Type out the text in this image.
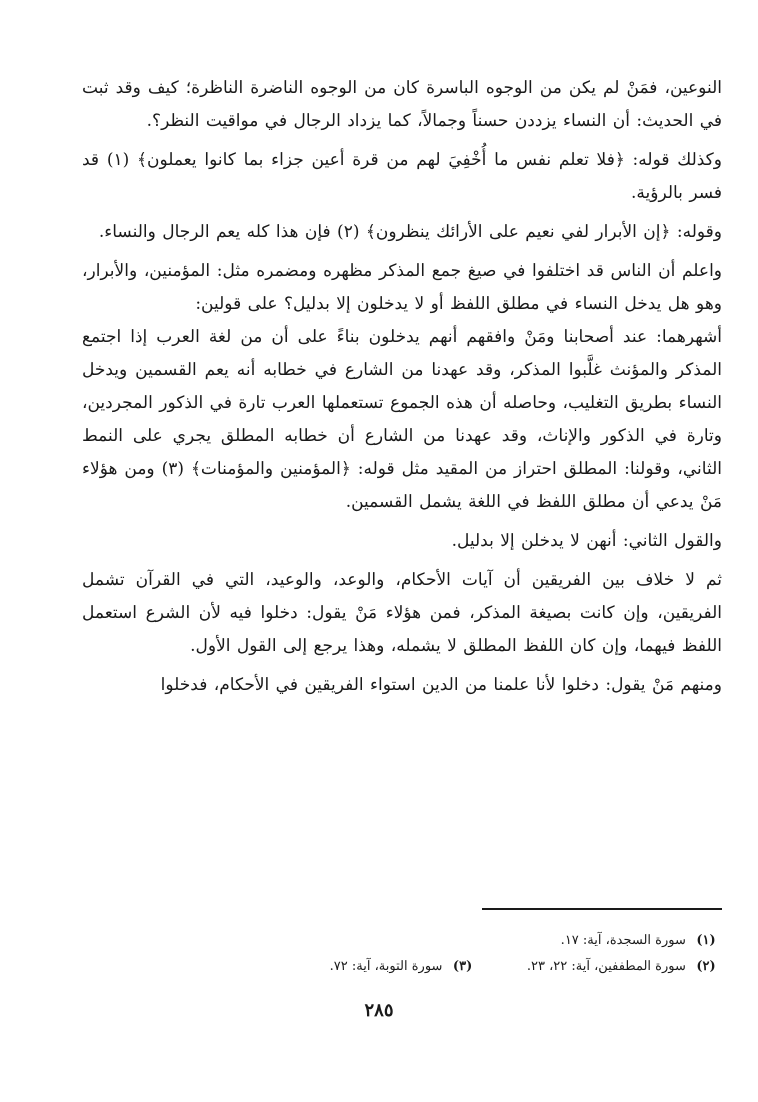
النوعين، فمَنْ لم يكن من الوجوه الباسرة كان من الوجوه الناضرة الناظرة؛ كيف وقد ثبت في الحديث: أن النساء يزددن حسناً وجمالاً، كما يزداد الرجال في مواقيت النظر؟.

وكذلك قوله: ﴿فلا تعلم نفس ما أُخْفِيَ لهم من قرة أعين جزاء بما كانوا يعملون﴾ (١) قد فسر بالرؤية.

وقوله: ﴿إن الأبرار لفي نعيم على الأرائك ينظرون﴾ (٢) فإن هذا كله يعم الرجال والنساء.

واعلم أن الناس قد اختلفوا في صيغ جمع المذكر مظهره ومضمره مثل: المؤمنين، والأبرار، وهو هل يدخل النساء في مطلق اللفظ أو لا يدخلون إلا بدليل؟ على قولين:

أشهرهما: عند أصحابنا ومَنْ وافقهم أنهم يدخلون بناءً على أن من لغة العرب إذا اجتمع المذكر والمؤنث غلَّبوا المذكر، وقد عهدنا من الشارع في خطابه أنه يعم القسمين ويدخل النساء بطريق التغليب، وحاصله أن هذه الجموع تستعملها العرب تارة في الذكور المجردين، وتارة في الذكور والإناث، وقد عهدنا من الشارع أن خطابه المطلق يجري على النمط الثاني، وقولنا: المطلق احتراز من المقيد مثل قوله: ﴿المؤمنين والمؤمنات﴾ (٣) ومن هؤلاء مَنْ يدعي أن مطلق اللفظ في اللغة يشمل القسمين.

والقول الثاني: أنهن لا يدخلن إلا بدليل.

ثم لا خلاف بين الفريقين أن آيات الأحكام، والوعد، والوعيد، التي في القرآن تشمل الفريقين، وإن كانت بصيغة المذكر، فمن هؤلاء مَنْ يقول: دخلوا فيه لأن الشرع استعمل اللفظ فيهما، وإن كان اللفظ المطلق لا يشمله، وهذا يرجع إلى القول الأول.

ومنهم مَنْ يقول: دخلوا لأنا علمنا من الدين استواء الفريقين في الأحكام، فدخلوا

(١) سورة السجدة، آية: ١٧.
(٢) سورة المطففين، آية: ٢٢، ٢٣.  (٣) سورة التوبة، آية: ٧٢.
٢٨٥
